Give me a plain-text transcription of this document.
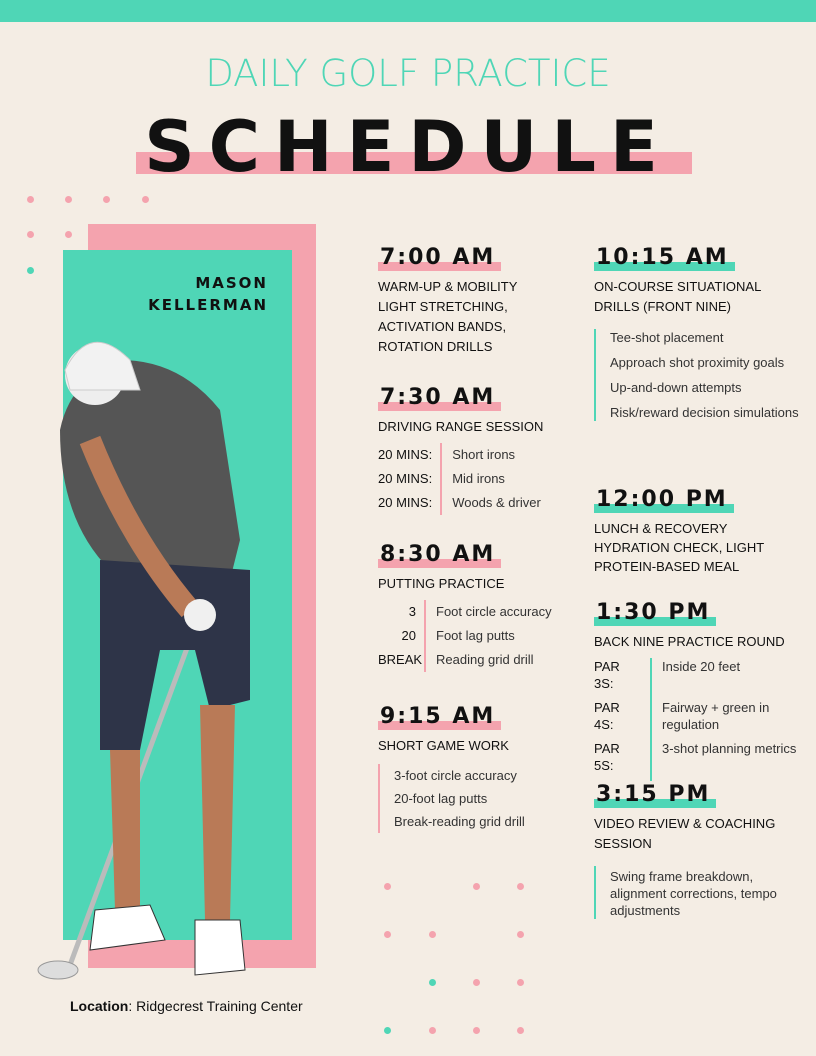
DAILY GOLF PRACTICE
SCHEDULE
MASON
KELLERMAN
Location: Ridgecrest Training Center
7:00 AM
WARM-UP & MOBILITY
LIGHT STRETCHING,
ACTIVATION BANDS,
ROTATION DRILLS
7:30 AM
DRIVING RANGE SESSION
20 MINS:	Short irons
20 MINS:	Mid irons
20 MINS:	Woods & driver
8:30 AM
PUTTING PRACTICE
3	Foot circle accuracy
20	Foot lag putts
BREAK	Reading grid drill
9:15 AM
SHORT GAME WORK
3-foot circle accuracy
20-foot lag putts
Break-reading grid drill
10:15 AM
ON-COURSE SITUATIONAL DRILLS (FRONT NINE)
Tee-shot placement
Approach shot proximity goals
Up-and-down attempts
Risk/reward decision simulations
12:00 PM
LUNCH & RECOVERY
HYDRATION CHECK, LIGHT
PROTEIN-BASED MEAL
1:30 PM
BACK NINE PRACTICE ROUND
PAR 3S:
Inside 20 feet
PAR 4S:
Fairway + green in regulation
PAR 5S:
3-shot planning metrics
3:15 PM
VIDEO REVIEW & COACHING SESSION
Swing frame breakdown, alignment corrections, tempo adjustments
